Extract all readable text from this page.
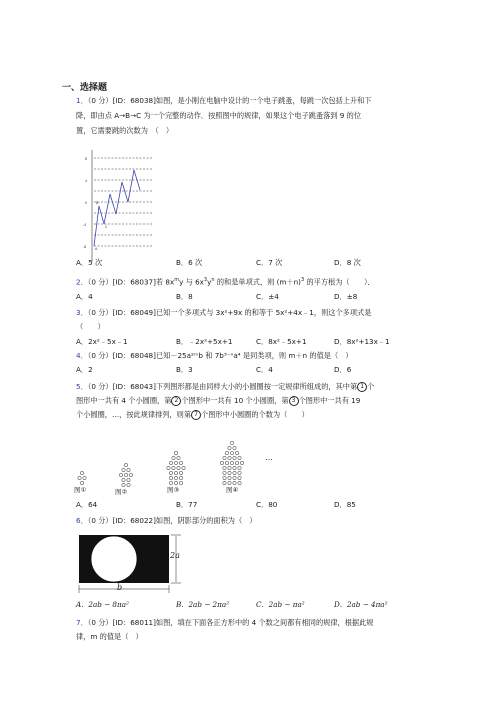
一、选择题
1．（0 分）[ID：68038]如图，是小刚在电脑中设计的一个电子跳蚤，每跳一次包括上升和下
降，即由点 A→B→C 为一个完整的动作．按照图中的规律，如果这个电子跳蚤落到 9 的位
置，它需要跳的次数为　（　）
8
4
0
-4
-8
B
A
C
A．5 次	B．6 次	C．7 次	D．8 次
2．（0 分）[ID：68037]若 $8x^my$ 与 $6x^3y^n$ 的和是单项式，则 $(m+n)^3$ 的平方根为（　　）．
A．4	B．8	C．±4	D．±8
3．（0 分）[ID：68049]已知一个多项式与 3x²+9x 的和等于 5x²+4x﹣1，则这个多项式是
（　　）
A．2x²﹣5x﹣1	B．﹣2x²+5x+1	C．8x²﹣5x+1	D．8x²+13x﹣1
4．（0 分）[ID：68048]已知－25a²ᵐb 和 7b³⁻ⁿa⁴ 是同类项，则 m＋n 的值是（　）
A．2	B．3	C．4	D．6
5．（0 分）[ID：68043]下列图形都是由同样大小的小圆圈按一定规律所组成的，其中第 1 个
图形中一共有 4 个小圆圈，第 2 个图形中一共有 10 个小圆圈，第 3 个图形中一共有 19
个小圆圈，…，按此规律排列，则第 7 个图形中小圆圈的个数为（　　）
图①	图②	图③	图④
…
A．64	B．77	C．80	D．85
6．（0 分）[ID：68022]如图，阴影部分的面积为（　）
2a
b
A．2ab − 8πa²	B．2ab − 2πa²	C．2ab − πa²	D．2ab − 4πa²
7．（0 分）[ID：68011]如图，填在下面各正方形中的 4 个数之间都有相同的规律，根据此规
律，m 的值是（　）
